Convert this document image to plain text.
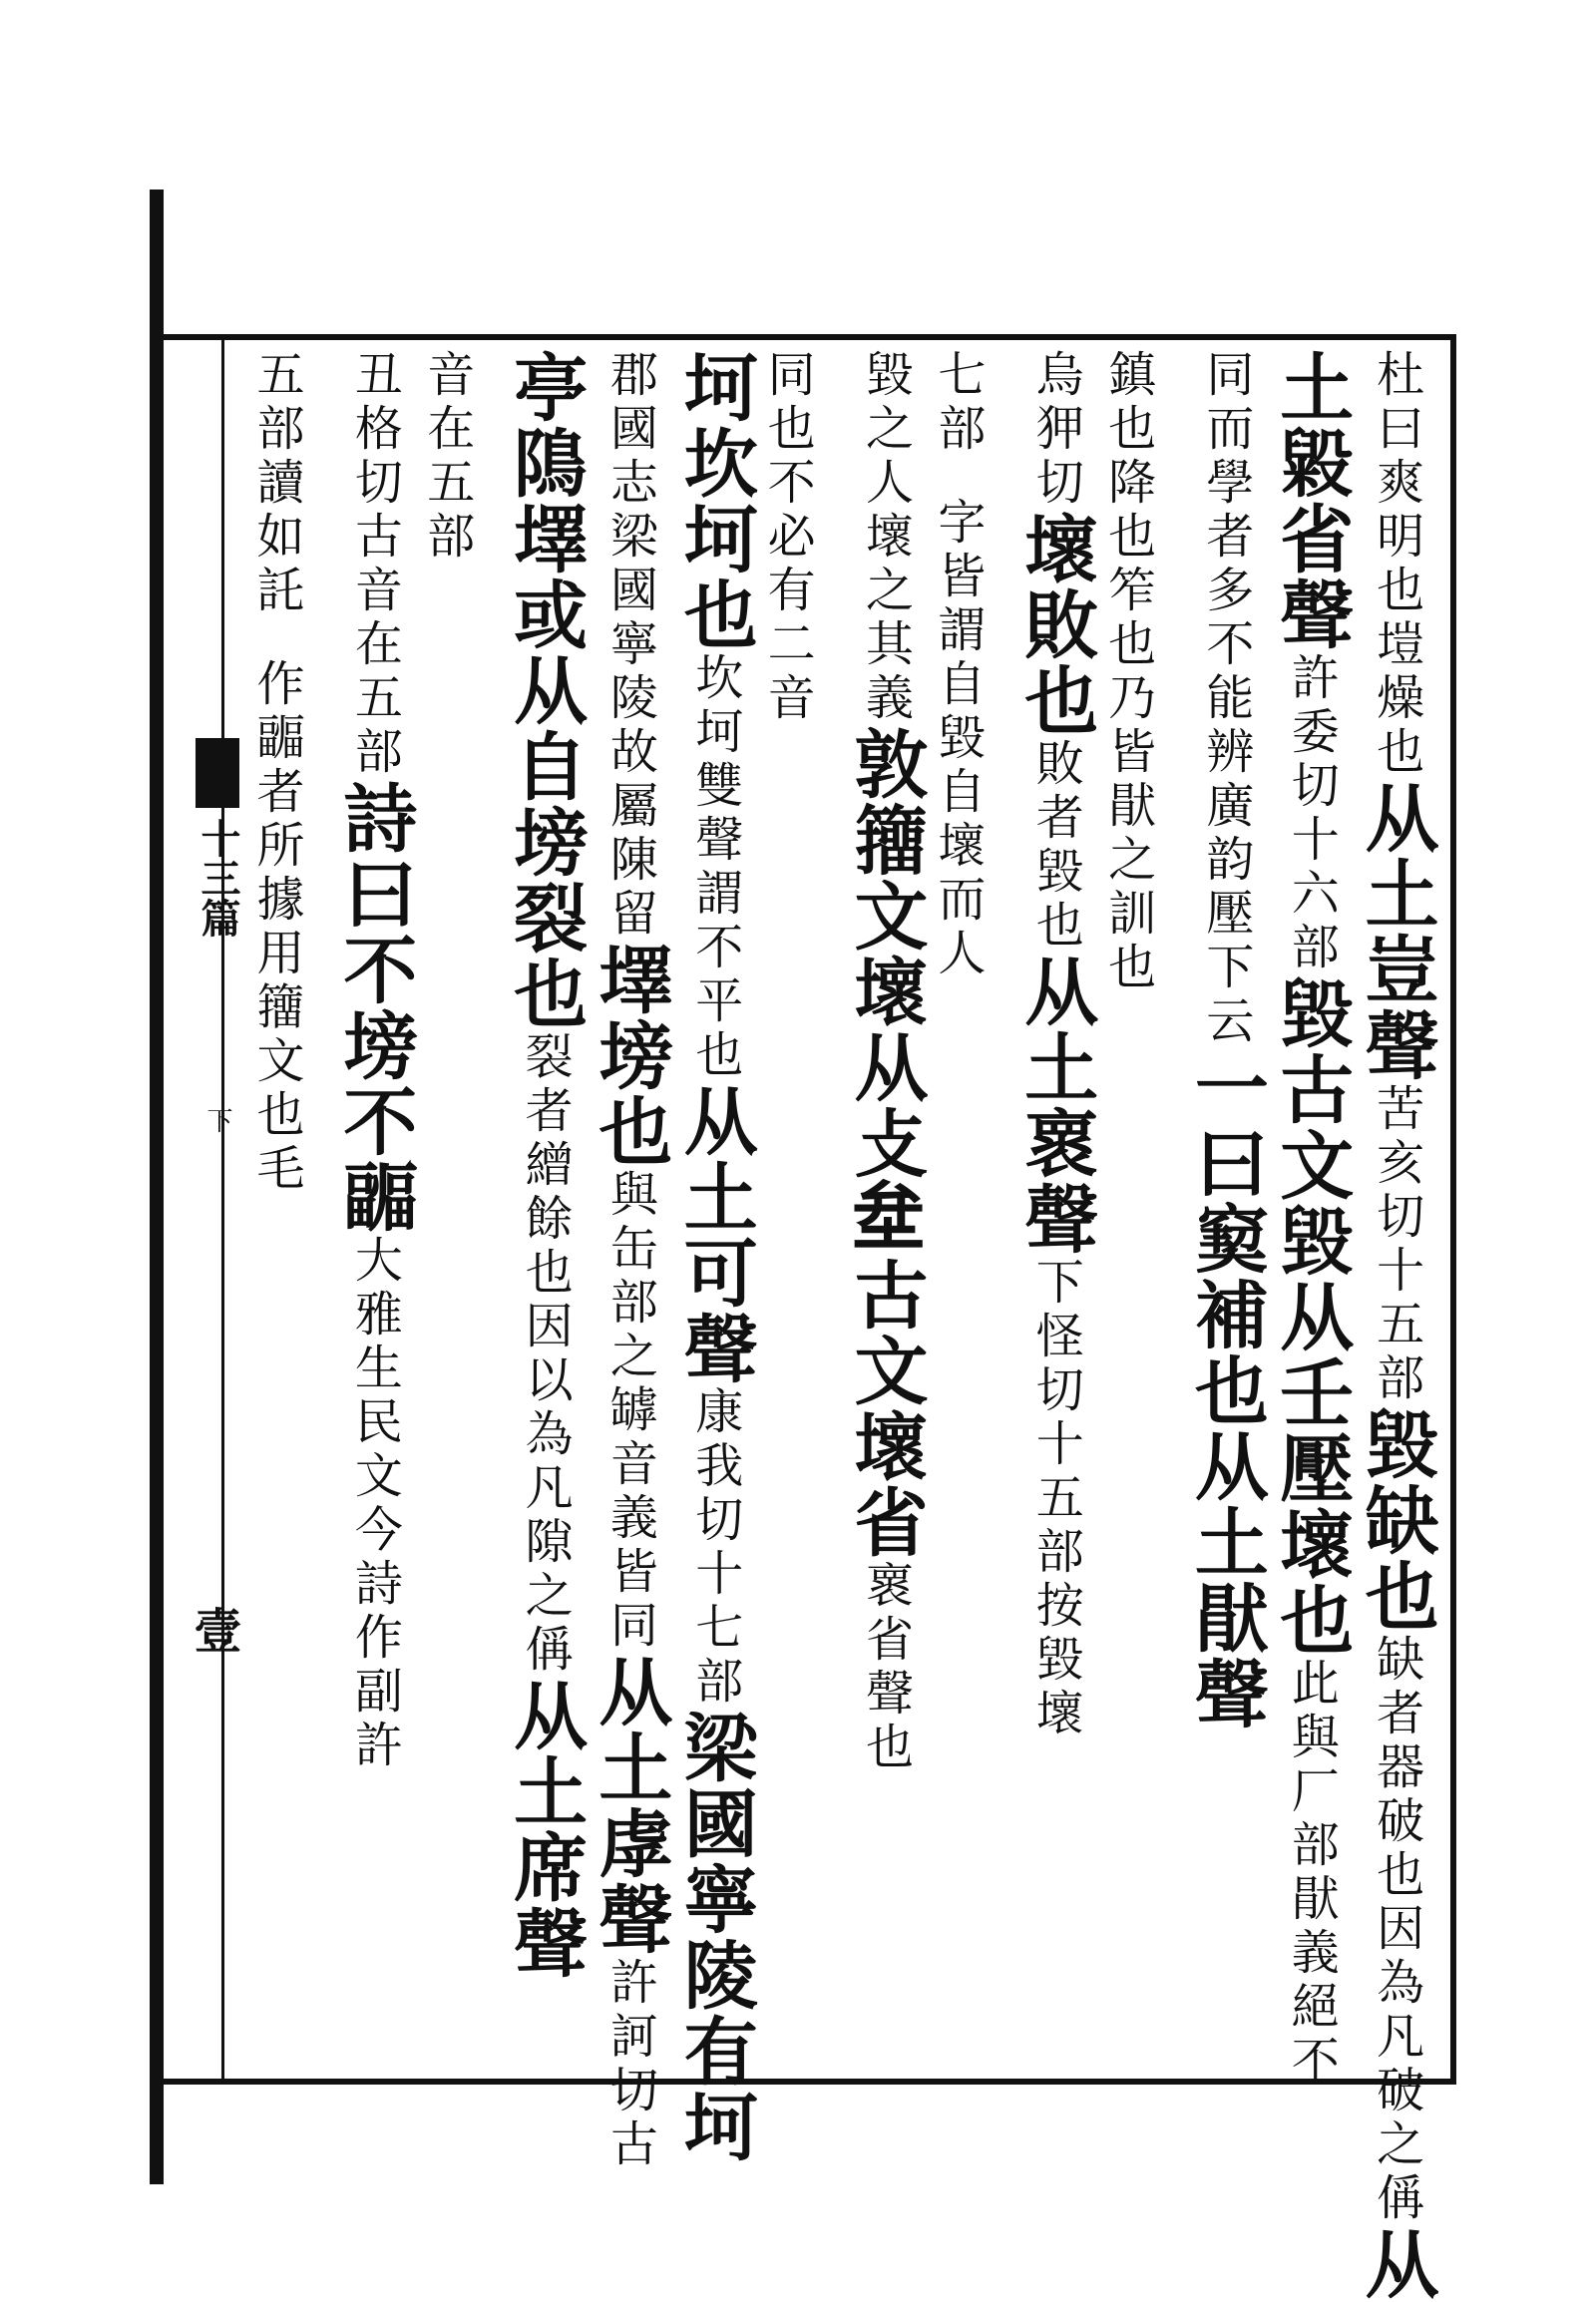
十三篇
下
壹
杜曰爽明也塏燥也从土豈聲苦亥切十五部毀缺也缺者器破也因為凡破之偁从
土毇省聲許委切十六部毀古文毀从壬壓壞也此與厂部猒義絕不
同而學者多不能辨廣韵壓下云一曰窫補也从土猒聲
鎮也降也笮也乃皆猒之訓也
烏狎切壞敗也敗者毀也从土褱聲下怪切十五部按毀壞
七部字皆謂自毀自壞而人
毀之人壞之其義敦籒文壞从攴𡊅古文壞省褱省聲也
同也不必有二音
坷坎坷也坎坷雙聲謂不平也从土可聲康我切十七部梁國寧陵有坷
郡國志梁國寧陵故屬陳留墿塝也與缶部之罅音義皆同从土虖聲許訶切古
亭隝墿或从自塝裂也裂者繒餘也因以為凡隙之偁从土席聲
音在五部
丑格切古音在五部詩曰不塝不疈大雅生民文今詩作副許
五部讀如託作疈者所據用籒文也毛
